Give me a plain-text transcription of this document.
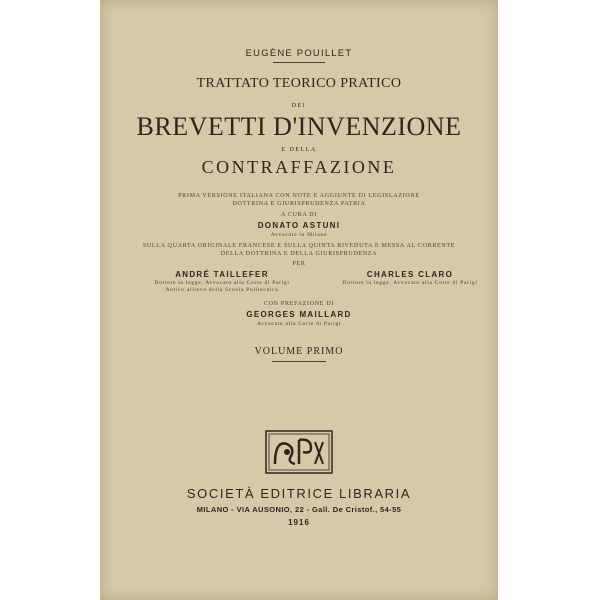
EUGÈNE POUILLET
TRATTATO TEORICO PRATICO
DEI
BREVETTI D'INVENZIONE
E DELLA
CONTRAFFAZIONE
PRIMA VERSIONE ITALIANA CON NOTE E AGGIUNTE DI LEGISLAZIONE
DOTTRINA E GIURISPRUDENZA PATRIA
A CURA DI
DONATO ASTUNI
Avvocato in Milano
SULLA QUARTA ORIGINALE FRANCESE E SULLA QUINTA RIVEDUTA E MESSA AL CORRENTE
DELLA DOTTRINA E DELLA GIURISPRUDENZA
PER
ANDRÉ TAILLEFER
Dottore in legge, Avvocato alla Corte di Parigi
Antico allievo della Scuola Politecnica
CHARLES CLARO
Dottore in legge, Avvocato alla Corte di Parigi
CON PREFAZIONE DI
GEORGES MAILLARD
Avvocato alla Corte di Parigi
VOLUME PRIMO
SOCIETÀ EDITRICE LIBRARIA
MILANO - VIA AUSONIO, 22 - Gall. De Cristof., 54-55
1916
